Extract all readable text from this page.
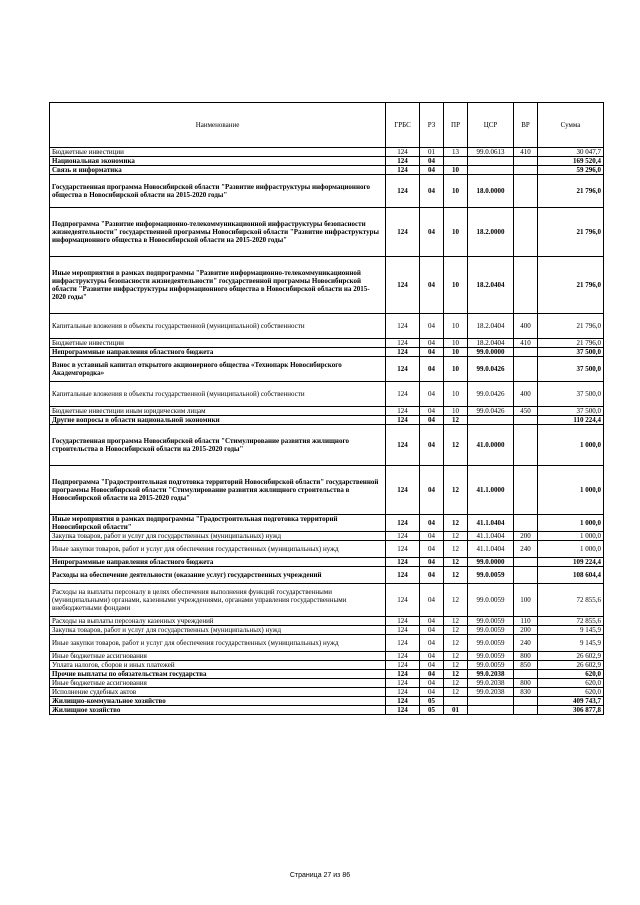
Наименование	ГРБС	РЗ	ПР	ЦСР	ВР	Сумма
Бюджетные инвестиции	124	01	13	99.0.0613	410	30 047,7
Национальная экономика	124	04				169 520,4
Связь и информатика	124	04	10			59 296,0
Государственная программа Новосибирской области "Развитие инфраструктуры информационного общества в Новосибирской области на 2015-2020 годы"	124	04	10	18.0.0000		21 796,0
Подпрограмма "Развитие информационно-телекоммуникационной инфраструктуры безопасности жизнедеятельности" государственной программы Новосибирской области "Развитие инфраструктуры информационного общества в Новосибирской области на 2015-2020 годы"	124	04	10	18.2.0000		21 796,0
Иные мероприятия в рамках подпрограммы "Развитие информационно-телекоммуникационной инфраструктуры безопасности жизнедеятельности" государственной программы Новосибирской области "Развитие инфраструктуры информационного общества в Новосибирской области на 2015-2020 годы"	124	04	10	18.2.0404		21 796,0
Капитальные вложения в объекты государственной (муниципальной) собственности	124	04	10	18.2.0404	400	21 796,0
Бюджетные инвестиции	124	04	10	18.2.0404	410	21 796,0
Непрограммные направления областного бюджета	124	04	10	99.0.0000		37 500,0
Взнос в уставный капитал открытого акционерного общества «Технопарк Новосибирского Академгородка»	124	04	10	99.0.0426		37 500,0
Капитальные вложения в объекты государственной (муниципальной) собственности	124	04	10	99.0.0426	400	37 500,0
Бюджетные инвестиции иным юридическим лицам	124	04	10	99.0.0426	450	37 500,0
Другие вопросы в области национальной экономики	124	04	12			110 224,4
Государственная программа Новосибирской области "Стимулирование развития жилищного строительства в Новосибирской области на 2015-2020 годы"	124	04	12	41.0.0000		1 000,0
Подпрограмма "Градостроительная подготовка территорий Новосибирской области" государственной программы Новосибирской области "Стимулирование развития жилищного строительства в Новосибирской области на 2015-2020 годы"	124	04	12	41.1.0000		1 000,0
Иные мероприятия в рамках подпрограммы "Градостроительная подготовка территорий Новосибирской области"	124	04	12	41.1.0404		1 000,0
Закупка товаров, работ и услуг для государственных (муниципальных) нужд	124	04	12	41.1.0404	200	1 000,0
Иные закупки товаров, работ и услуг для обеспечения государственных (муниципальных) нужд	124	04	12	41.1.0404	240	1 000,0
Непрограммные направления областного бюджета	124	04	12	99.0.0000		109 224,4
Расходы на обеспечение деятельности (оказание услуг) государственных учреждений	124	04	12	99.0.0059		108 604,4
Расходы на выплаты персоналу в целях обеспечения выполнения функций государственными (муниципальными) органами, казенными учреждениями, органами управления государственными внебюджетными фондами	124	04	12	99.0.0059	100	72 855,6
Расходы на выплаты персоналу казенных учреждений	124	04	12	99.0.0059	110	72 855,6
Закупка товаров, работ и услуг для государственных (муниципальных) нужд	124	04	12	99.0.0059	200	9 145,9
Иные закупки товаров, работ и услуг для обеспечения государственных (муниципальных) нужд	124	04	12	99.0.0059	240	9 145,9
Иные бюджетные ассигнования	124	04	12	99.0.0059	800	26 602,9
Уплата налогов, сборов и иных платежей	124	04	12	99.0.0059	850	26 602,9
Прочие выплаты по обязательствам государства	124	04	12	99.0.2038		620,0
Иные бюджетные ассигнования	124	04	12	99.0.2038	800	620,0
Исполнение судебных актов	124	04	12	99.0.2038	830	620,0
Жилищно-коммунальное хозяйство	124	05				409 743,7
Жилищное хозяйство	124	05	01			306 877,8
Страница 27 из 86
